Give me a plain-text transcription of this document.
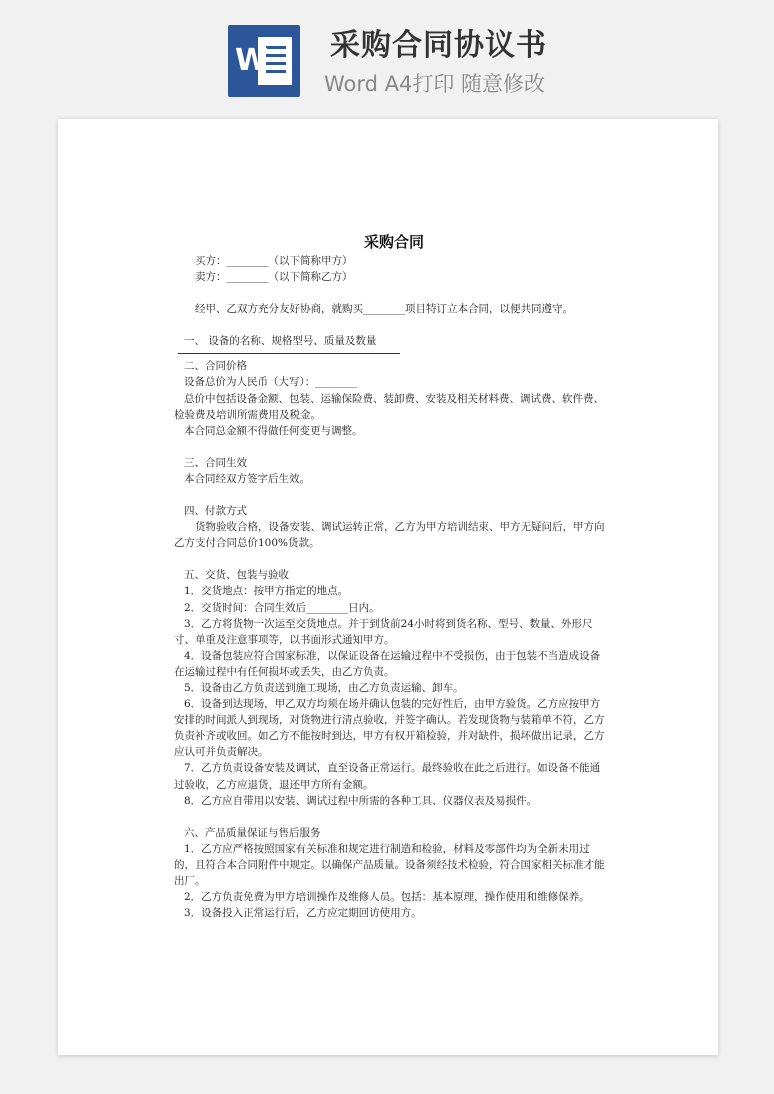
W 采购合同协议书
Word A4打印 随意修改
采购合同

买方：________（以下简称甲方）

卖方：________（以下简称乙方）

经甲、乙双方充分友好协商，就购买________项目特订立本合同，以便共同遵守。

一、 设备的名称、规格型号、质量及数量

二、合同价格

设备总价为人民币（大写）：________

总价中包括设备金额、包装、运输保险费、装卸费、安装及相关材料费、调试费、软件费、检验费及培训所需费用及税金。

本合同总金额不得做任何变更与调整。

三、合同生效

本合同经双方签字后生效。

四、付款方式

货物验收合格，设备安装、调试运转正常，乙方为甲方培训结束、甲方无疑问后，甲方向乙方支付合同总价100%货款。

五、交货、包装与验收

1．交货地点：按甲方指定的地点。

2．交货时间：合同生效后________日内。

3．乙方将货物一次运至交货地点。并于到货前24小时将到货名称、型号、数量、外形尺寸、单重及注意事项等，以书面形式通知甲方。

4．设备包装应符合国家标准，以保证设备在运输过程中不受损伤，由于包装不当造成设备在运输过程中有任何损坏或丢失，由乙方负责。

5．设备由乙方负责送到施工现场，由乙方负责运输、卸车。

6．设备到达现场，甲乙双方均须在场并确认包装的完好性后，由甲方验货。乙方应按甲方安排的时间派人到现场，对货物进行清点验收，并签字确认。若发现货物与装箱单不符，乙方负责补齐或收回。如乙方不能按时到达，甲方有权开箱检验，并对缺件，损坏做出记录，乙方应认可并负责解决。

7．乙方负责设备安装及调试，直至设备正常运行。最终验收在此之后进行。如设备不能通过验收，乙方应退货，退还甲方所有金额。

8．乙方应自带用以安装、调试过程中所需的各种工具、仪器仪表及易损件。

六、产品质量保证与售后服务

1．乙方应严格按照国家有关标准和规定进行制造和检验，材料及零部件均为全新未用过的，且符合本合同附件中规定。以确保产品质量。设备须经技术检验，符合国家相关标准才能出厂。

2．乙方负责免费为甲方培训操作及维修人员。包括：基本原理，操作使用和维修保养。

3．设备投入正常运行后，乙方应定期回访使用方。
